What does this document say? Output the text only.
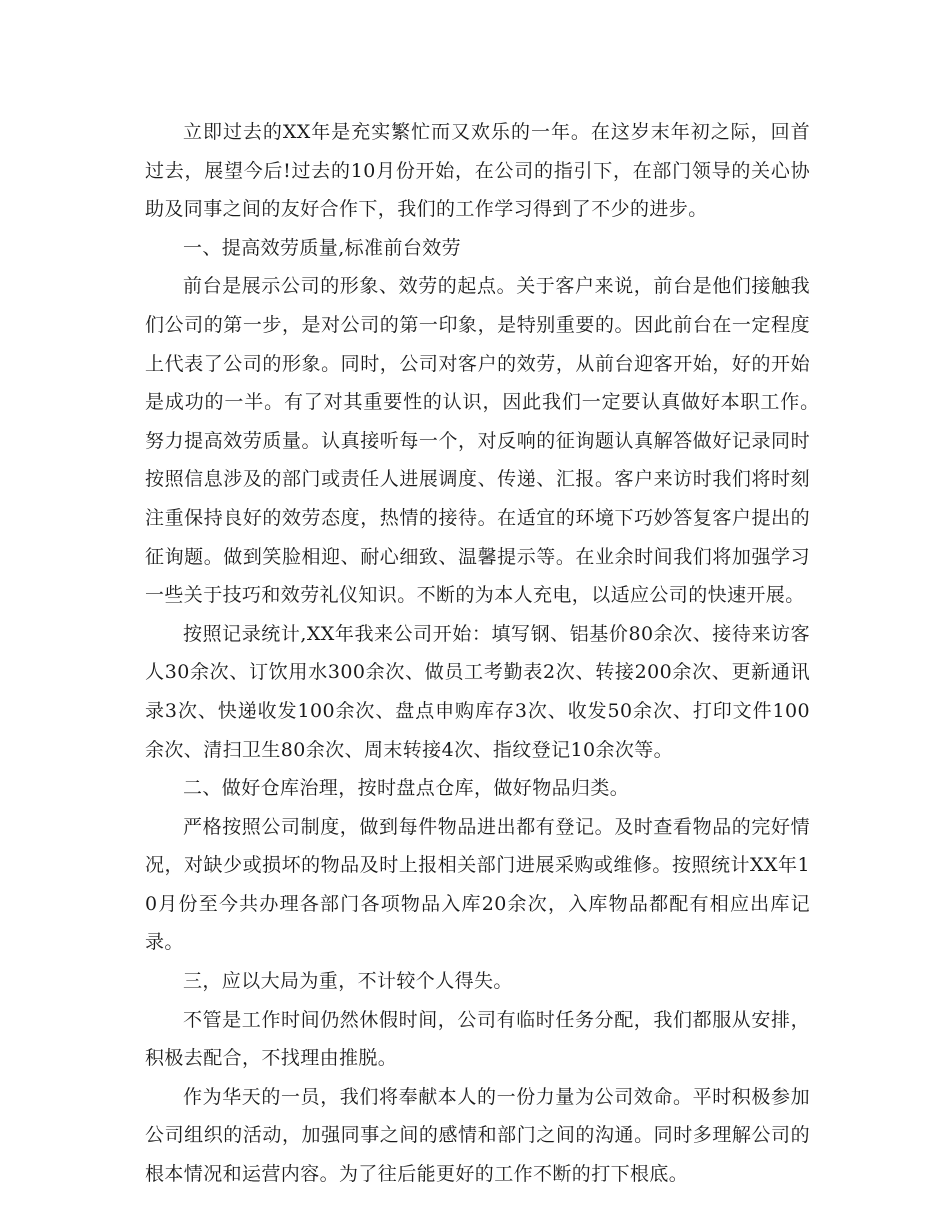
立即过去的XX年是充实繁忙而又欢乐的一年。在这岁末年初之际，回首过去，展望今后!过去的10月份开始，在公司的指引下，在部门领导的关心协助及同事之间的友好合作下，我们的工作学习得到了不少的进步。

一、提高效劳质量,标准前台效劳

前台是展示公司的形象、效劳的起点。关于客户来说，前台是他们接触我们公司的第一步，是对公司的第一印象，是特别重要的。因此前台在一定程度上代表了公司的形象。同时，公司对客户的效劳，从前台迎客开始，好的开始是成功的一半。有了对其重要性的认识，因此我们一定要认真做好本职工作。　努力提高效劳质量。认真接听每一个，对反响的征询题认真解答做好记录同时按照信息涉及的部门或责任人进展调度、传递、汇报。客户来访时我们将时刻注重保持良好的效劳态度，热情的接待。在适宜的环境下巧妙答复客户提出的征询题。做到笑脸相迎、耐心细致、温馨提示等。在业余时间我们将加强学习一些关于技巧和效劳礼仪知识。不断的为本人充电，以适应公司的快速开展。

按照记录统计,XX年我来公司开始：填写钢、铝基价80余次、接待来访客人30余次、订饮用水300余次、做员工考勤表2次、转接200余次、更新通讯录3次、快递收发100余次、盘点申购库存3次、收发50余次、打印文件100余次、清扫卫生80余次、周末转接4次、指纹登记10余次等。

二、做好仓库治理，按时盘点仓库，做好物品归类。

严格按照公司制度，做到每件物品进出都有登记。及时查看物品的完好情况，对缺少或损坏的物品及时上报相关部门进展采购或维修。按照统计XX年10月份至今共办理各部门各项物品入库20余次，入库物品都配有相应出库记录。

三，应以大局为重，不计较个人得失。

不管是工作时间仍然休假时间，公司有临时任务分配，我们都服从安排，积极去配合，不找理由推脱。

作为华天的一员，我们将奉献本人的一份力量为公司效命。平时积极参加公司组织的活动，加强同事之间的感情和部门之间的沟通。同时多理解公司的根本情况和运营内容。为了往后能更好的工作不断的打下根底。
